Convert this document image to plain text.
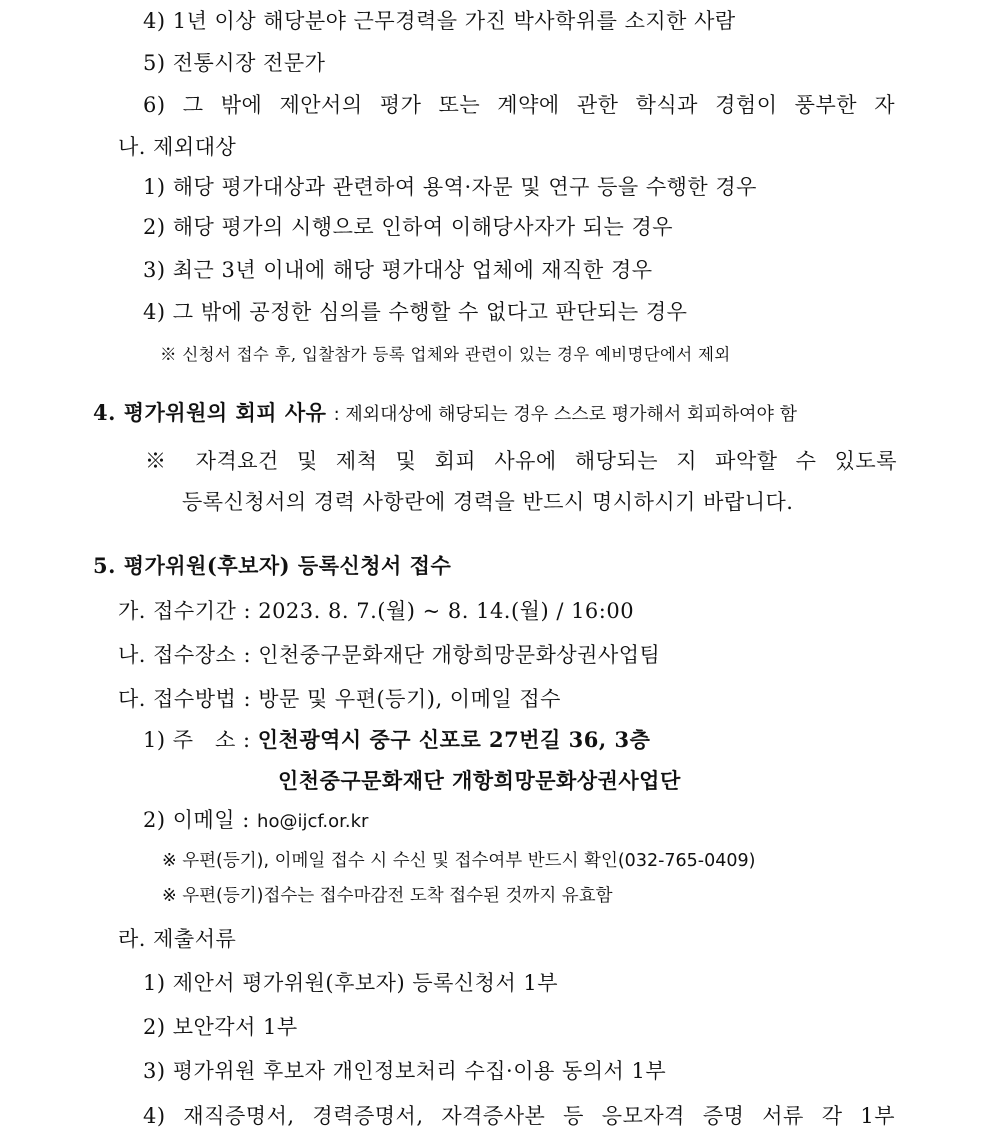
4) 1년 이상 해당분야 근무경력을 가진 박사학위를 소지한 사람
5) 전통시장 전문가
6) 그 밖에 제안서의 평가 또는 계약에 관한 학식과 경험이 풍부한 자
나. 제외대상
1) 해당 평가대상과 관련하여 용역·자문 및 연구 등을 수행한 경우
2) 해당 평가의 시행으로 인하여 이해당사자가 되는 경우
3) 최근 3년 이내에 해당 평가대상 업체에 재직한 경우
4) 그 밖에 공정한 심의를 수행할 수 없다고 판단되는 경우
※ 신청서 접수 후, 입찰참가 등록 업체와 관련이 있는 경우 예비명단에서 제외
4. 평가위원의 회피 사유 : 제외대상에 해당되는 경우 스스로 평가해서 회피하여야 함
※ 자격요건 및 제척 및 회피 사유에 해당되는 지 파악할 수 있도록
등록신청서의 경력 사항란에 경력을 반드시 명시하시기 바랍니다.
5. 평가위원(후보자) 등록신청서 접수
가. 접수기간 : 2023. 8. 7.(월) ~ 8. 14.(월) / 16:00
나. 접수장소 : 인천중구문화재단 개항희망문화상권사업팀
다. 접수방법 : 방문 및 우편(등기), 이메일 접수
1) 주   소 : 인천광역시 중구 신포로 27번길 36, 3층
인천중구문화재단 개항희망문화상권사업단
2) 이메일 : ho@ijcf.or.kr
※ 우편(등기), 이메일 접수 시 수신 및 접수여부 반드시 확인(032-765-0409)
※ 우편(등기)접수는 접수마감전 도착 접수된 것까지 유효함
라. 제출서류
1) 제안서 평가위원(후보자) 등록신청서 1부
2) 보안각서 1부
3) 평가위원 후보자 개인정보처리 수집·이용 동의서 1부
4) 재직증명서, 경력증명서, 자격증사본 등 응모자격 증명 서류 각 1부
